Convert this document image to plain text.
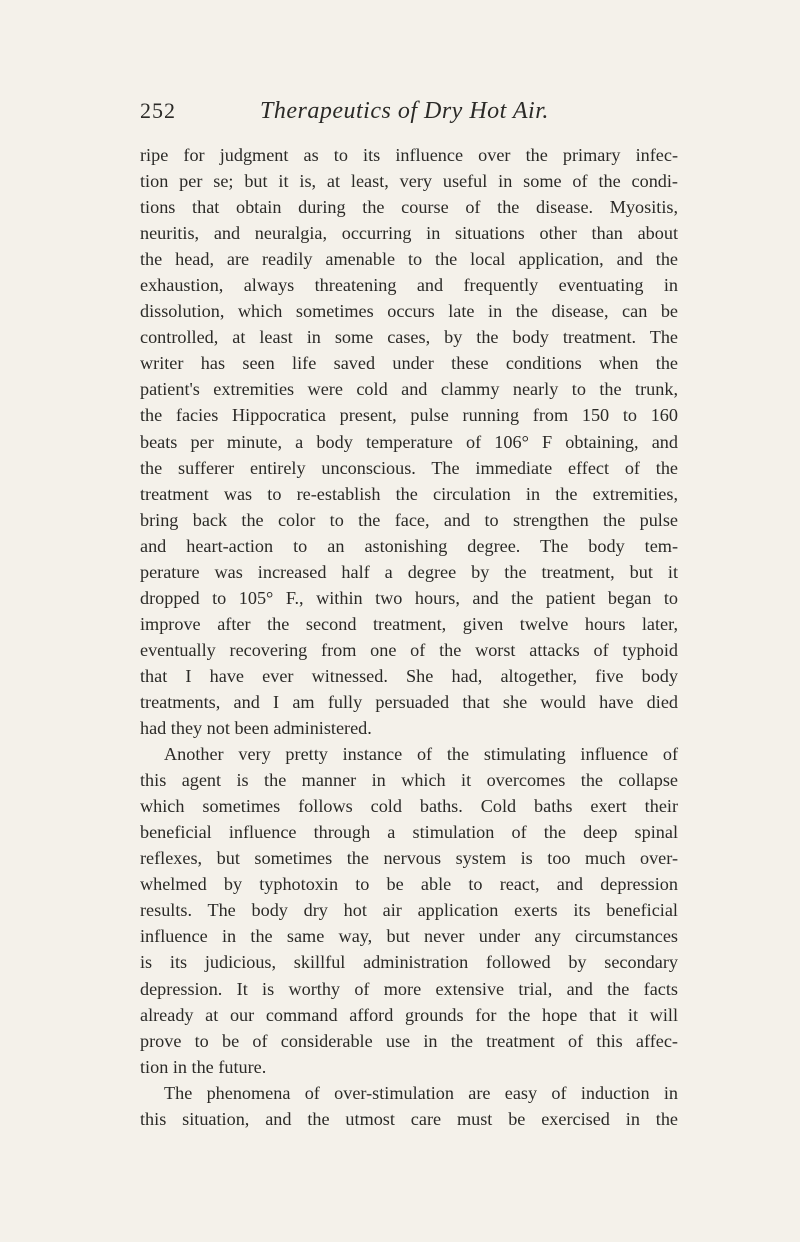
252	Therapeutics of Dry Hot Air.
ripe for judgment as to its influence over the primary infec-
tion per se; but it is, at least, very useful in some of the condi-
tions that obtain during the course of the disease. Myositis,
neuritis, and neuralgia, occurring in situations other than about
the head, are readily amenable to the local application, and the
exhaustion, always threatening and frequently eventuating in
dissolution, which sometimes occurs late in the disease, can be
controlled, at least in some cases, by the body treatment. The
writer has seen life saved under these conditions when the
patient's extremities were cold and clammy nearly to the trunk,
the facies Hippocratica present, pulse running from 150 to 160
beats per minute, a body temperature of 106° F obtaining, and
the sufferer entirely unconscious. The immediate effect of the
treatment was to re-establish the circulation in the extremities,
bring back the color to the face, and to strengthen the pulse
and heart-action to an astonishing degree. The body tem-
perature was increased half a degree by the treatment, but it
dropped to 105° F., within two hours, and the patient began to
improve after the second treatment, given twelve hours later,
eventually recovering from one of the worst attacks of typhoid
that I have ever witnessed. She had, altogether, five body
treatments, and I am fully persuaded that she would have died
had they not been administered.
Another very pretty instance of the stimulating influence of
this agent is the manner in which it overcomes the collapse
which sometimes follows cold baths. Cold baths exert their
beneficial influence through a stimulation of the deep spinal
reflexes, but sometimes the nervous system is too much over-
whelmed by typhotoxin to be able to react, and depression
results. The body dry hot air application exerts its beneficial
influence in the same way, but never under any circumstances
is its judicious, skillful administration followed by secondary
depression. It is worthy of more extensive trial, and the facts
already at our command afford grounds for the hope that it will
prove to be of considerable use in the treatment of this affec-
tion in the future.
The phenomena of over-stimulation are easy of induction in
this situation, and the utmost care must be exercised in the
